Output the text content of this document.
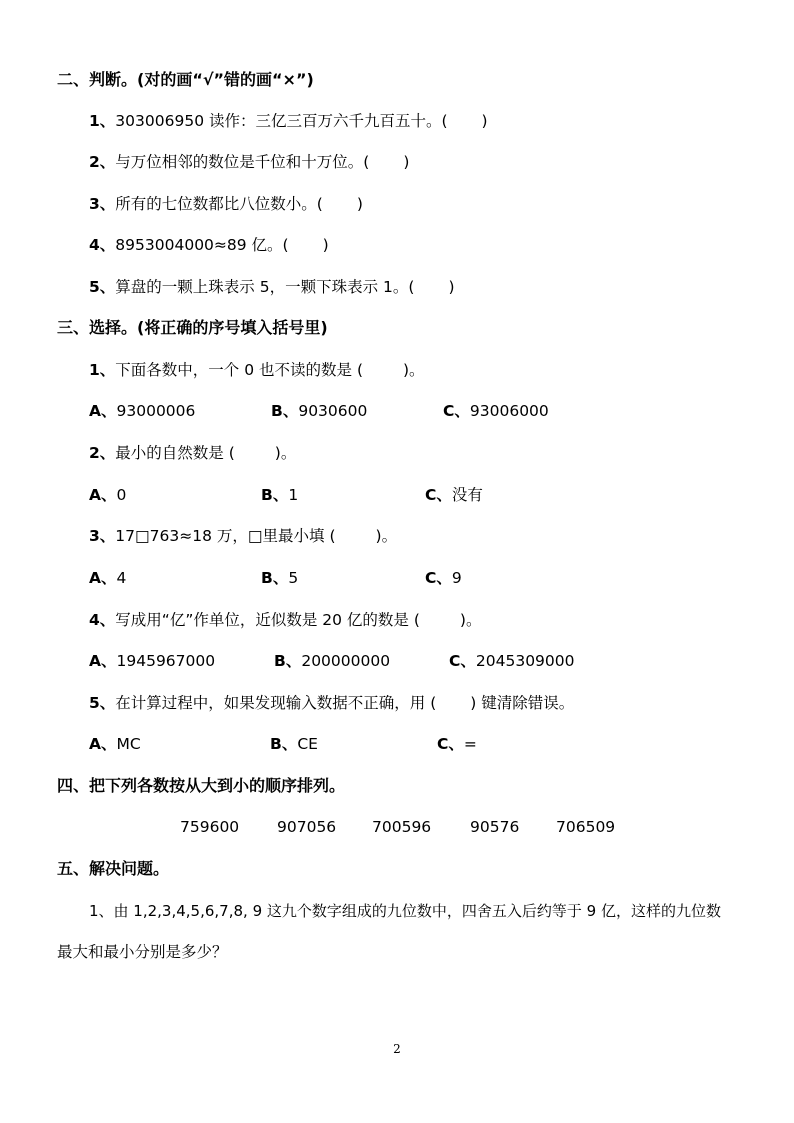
二、判断。(对的画“√”错的画“×”)
1、303006950 读作：三亿三百万六千九百五十。( )
2、与万位相邻的数位是千位和十万位。( )
3、所有的七位数都比八位数小。( )
4、8953004000≈89 亿。( )
5、算盘的一颗上珠表示 5，一颗下珠表示 1。( )
三、选择。(将正确的序号填入括号里)
1、下面各数中，一个 0 也不读的数是 (	)。
A、93000006	B、9030600	C、93006000
2、最小的自然数是 (	)。
A、0	B、1	C、没有
3、17□763≈18 万，□里最小填 (	)。
A、4	B、5	C、9
4、写成用“亿”作单位，近似数是 20 亿的数是 (	)。
A、1945967000	B、200000000	C、2045309000
5、在计算过程中，如果发现输入数据不正确，用 ( ) 键清除错误。
A、MC	B、CE	C、=
四、把下列各数按从大到小的顺序排列。
759600 907056 700596	90576 706509
五、解决问题。
1、由 1,2,3,4,5,6,7,8, 9 这九个数字组成的九位数中，四舍五入后约等于 9 亿，这样的九位数
最大和最小分别是多少？
2
